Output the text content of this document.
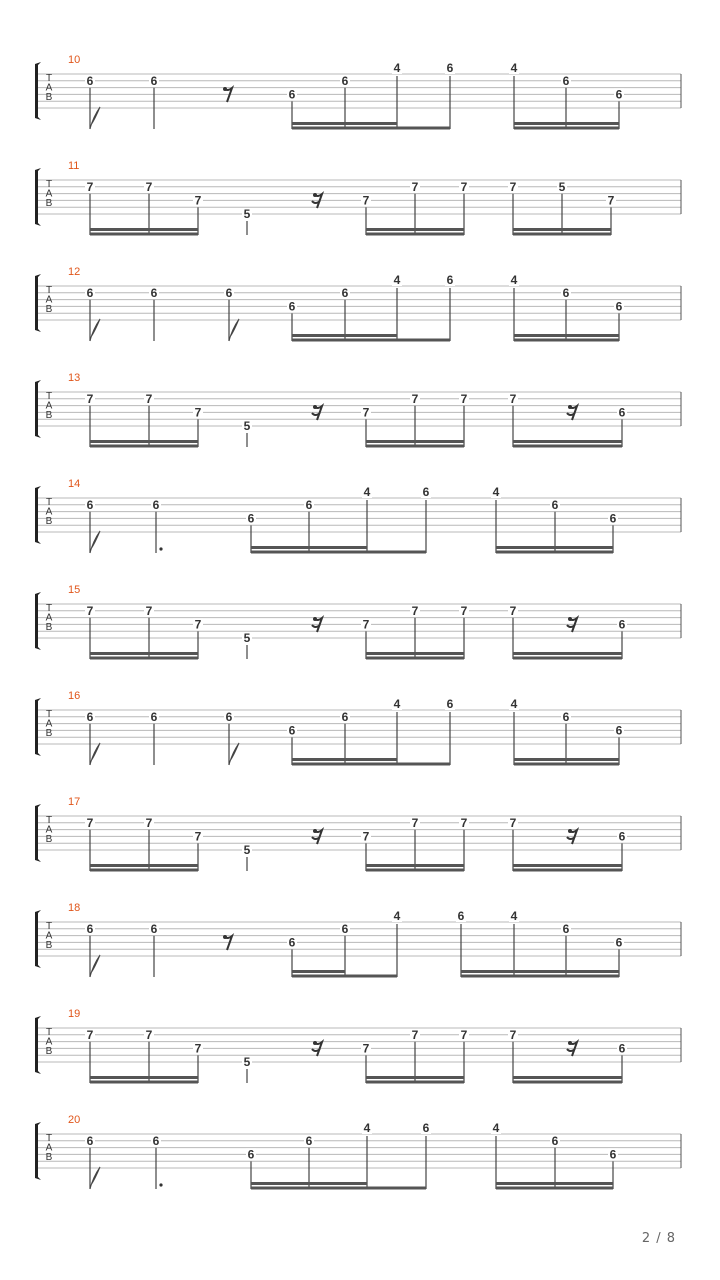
T
A
B
10
6	6
6
6
4	6	4
6
6
T
A
B
11
7	7
7
5
7
7	7	7	5
7
T
A
B
12
6	6	6
6
6
4	6	4
6
6
T
A
B
13
7	7
7
5
7
7	7	7
6
T
A
B
14
6	6
6
6
4	6	4
6
6
T
A
B
15
7	7
7
5
7
7	7	7
6
T
A
B
16
6	6	6
6
6
4	6	4
6
6
T
A
B
17
7	7
7
5
7
7	7	7
6
T
A
B
18
6	6
6
6
4	6	4
6
6
T
A
B
19
7	7
7
5
7
7	7	7
6
T
A
B
20
6	6
6
6
4	6	4
6
6
2 / 8
